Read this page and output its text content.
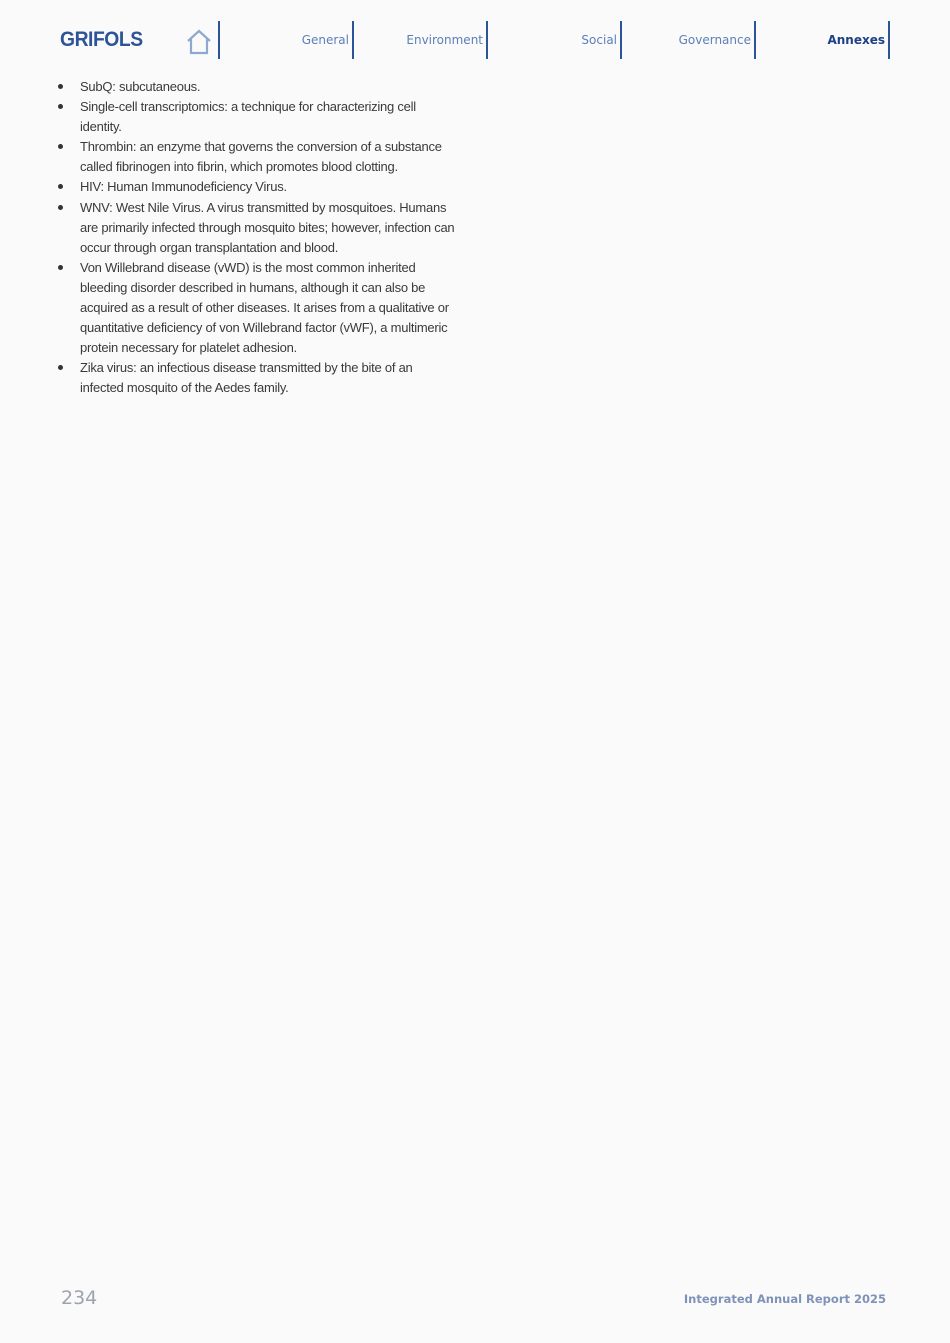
GRIFOLS	General	Environment	Social	Governance	Annexes
SubQ: subcutaneous.
Single-cell transcriptomics: a technique for characterizing cell identity.
Thrombin: an enzyme that governs the conversion of a substance called fibrinogen into fibrin, which promotes blood clotting.
HIV: Human Immunodeficiency Virus.
WNV: West Nile Virus. A virus transmitted by mosquitoes. Humans are primarily infected through mosquito bites; however, infection can occur through organ transplantation and blood.
Von Willebrand disease (vWD) is the most common inherited bleeding disorder described in humans, although it can also be acquired as a result of other diseases. It arises from a qualitative or quantitative deficiency of von Willebrand factor (vWF), a multimeric protein necessary for platelet adhesion.
Zika virus: an infectious disease transmitted by the bite of an infected mosquito of the Aedes family.
234	Integrated Annual Report 2025
